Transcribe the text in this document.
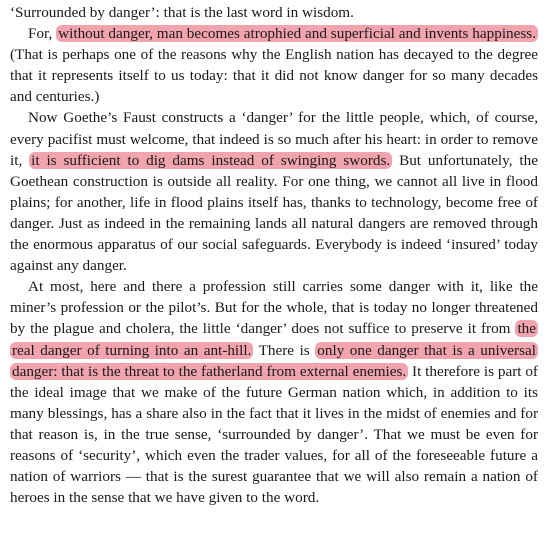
‘Surrounded by danger’: that is the last word in wisdom.

For, without danger, man becomes atrophied and superficial and invents happiness. (That is perhaps one of the reasons why the English nation has decayed to the degree that it represents itself to us today: that it did not know danger for so many decades and centuries.)

Now Goethe’s Faust constructs a ‘danger’ for the little people, which, of course, every pacifist must welcome, that indeed is so much after his heart: in order to remove it, it is sufficient to dig dams instead of swinging swords. But unfortunately, the Goethean construction is outside all reality. For one thing, we cannot all live in flood plains; for another, life in flood plains itself has, thanks to technology, become free of danger. Just as indeed in the remaining lands all natural dangers are removed through the enormous apparatus of our social safeguards. Everybody is indeed ‘insured’ today against any danger.

At most, here and there a profession still carries some danger with it, like the miner’s profession or the pilot’s. But for the whole, that is today no longer threatened by the plague and cholera, the little ‘danger’ does not suffice to preserve it from the real danger of turning into an ant-hill. There is only one danger that is a universal danger: that is the threat to the fatherland from external enemies. It therefore is part of the ideal image that we make of the future German nation which, in addition to its many blessings, has a share also in the fact that it lives in the midst of enemies and for that reason is, in the true sense, ‘surrounded by danger’. That we must be even for reasons of ‘security’, which even the trader values, for all of the foreseeable future a nation of warriors — that is the surest guarantee that we will also remain a nation of heroes in the sense that we have given to the word.
